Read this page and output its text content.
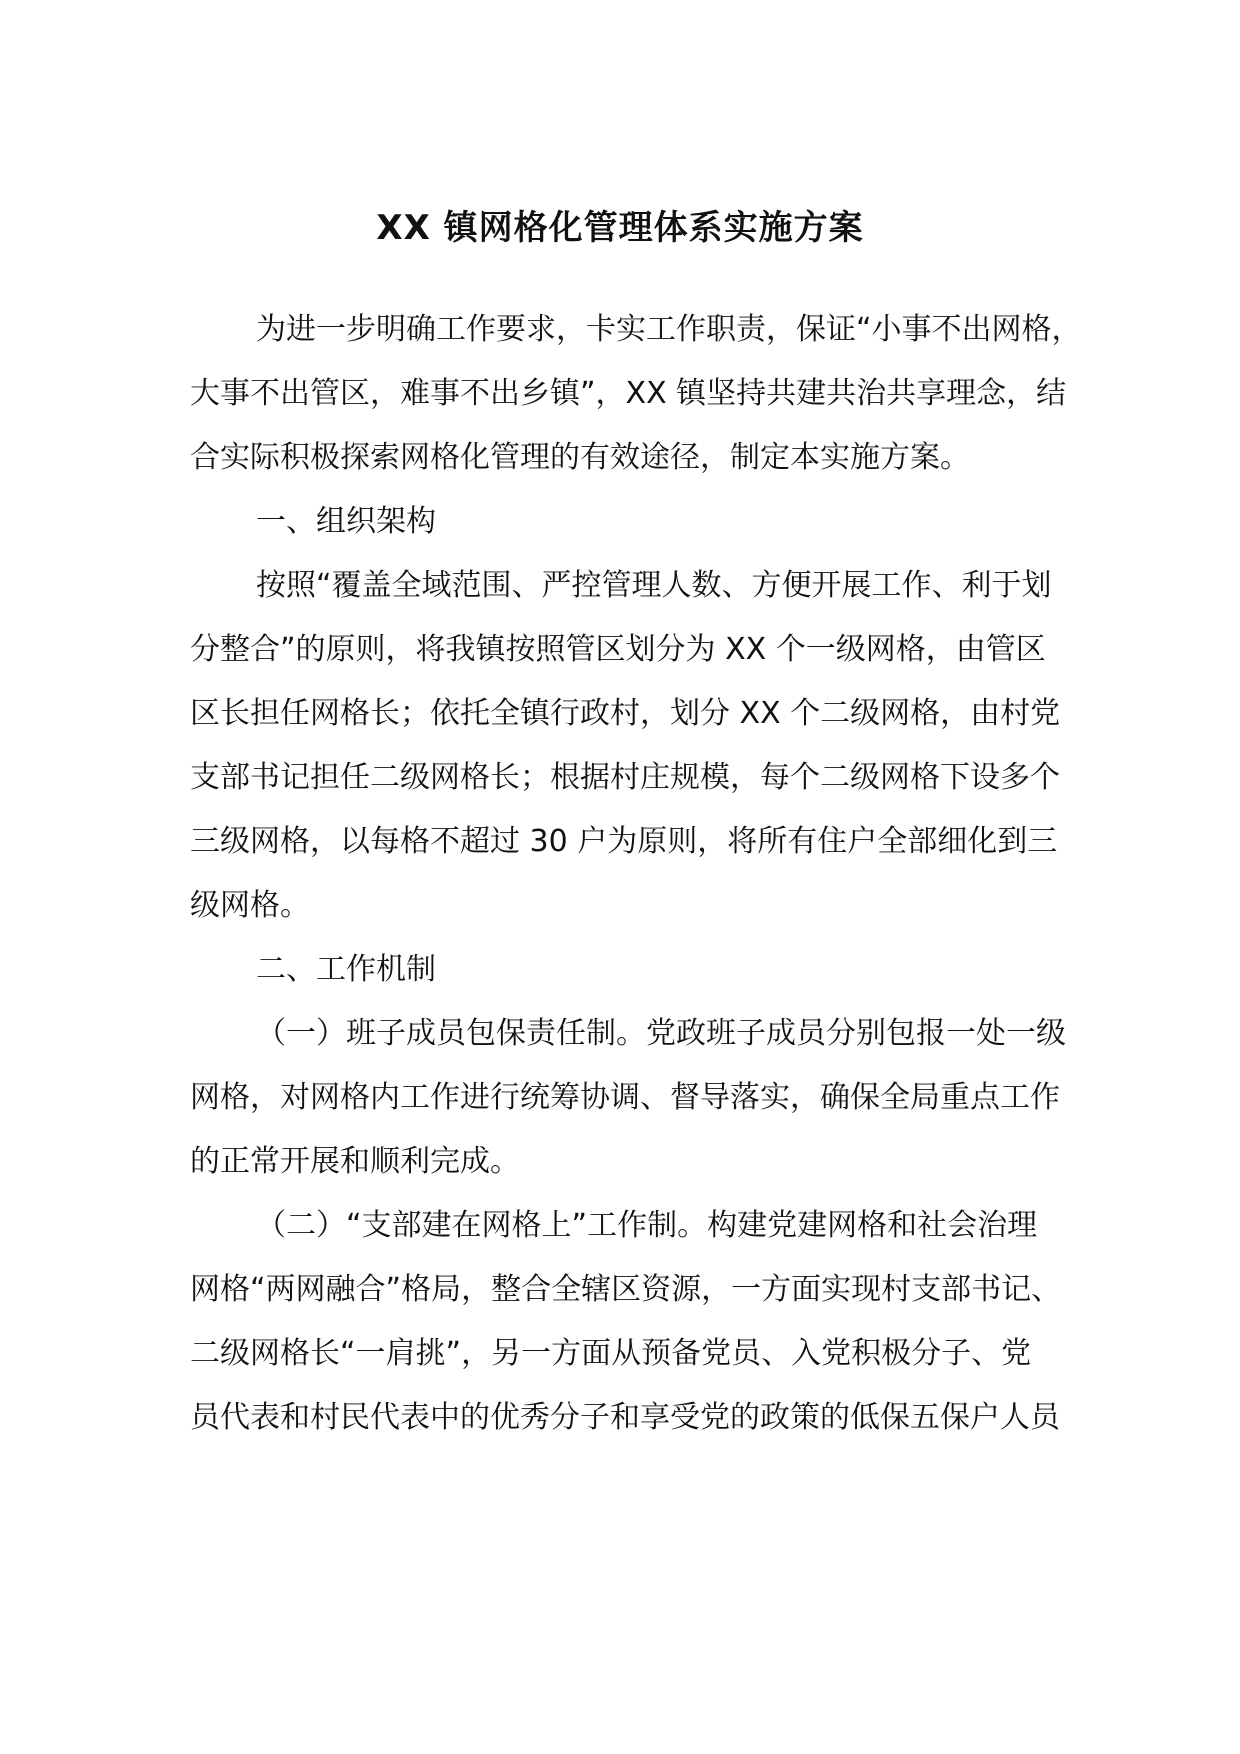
XX 镇网格化管理体系实施方案

为进一步明确工作要求，卡实工作职责，保证“小事不出网格，

大事不出管区，难事不出乡镇”，XX 镇坚持共建共治共享理念，结

合实际积极探索网格化管理的有效途径，制定本实施方案。

一、组织架构

按照“覆盖全域范围、严控管理人数、方便开展工作、利于划

分整合”的原则，将我镇按照管区划分为 XX 个一级网格，由管区

区长担任网格长；依托全镇行政村，划分 XX 个二级网格，由村党

支部书记担任二级网格长；根据村庄规模，每个二级网格下设多个

三级网格，以每格不超过 30 户为原则，将所有住户全部细化到三

级网格。

二、工作机制

（一）班子成员包保责任制。党政班子成员分别包报一处一级

网格，对网格内工作进行统筹协调、督导落实，确保全局重点工作

的正常开展和顺利完成。

（二）“支部建在网格上”工作制。构建党建网格和社会治理

网格“两网融合”格局，整合全辖区资源，一方面实现村支部书记、

二级网格长“一肩挑”，另一方面从预备党员、入党积极分子、党

员代表和村民代表中的优秀分子和享受党的政策的低保五保户人员
